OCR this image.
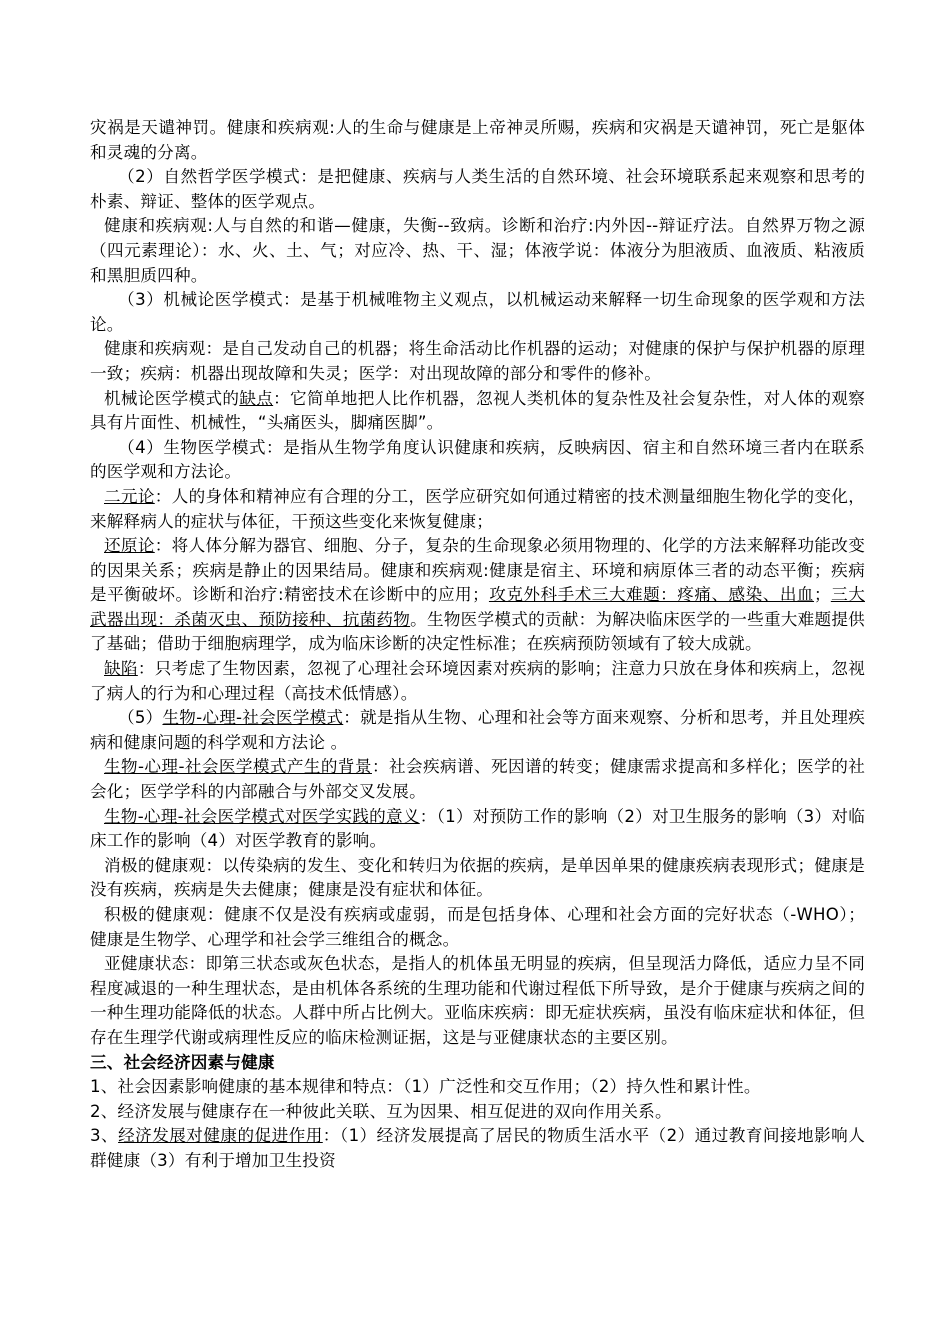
灾祸是天谴神罚。健康和疾病观:人的生命与健康是上帝神灵所赐，疾病和灾祸是天谴神罚，死亡是躯体和灵魂的分离。

（2）自然哲学医学模式：是把健康、疾病与人类生活的自然环境、社会环境联系起来观察和思考的朴素、辩证、整体的医学观点。

健康和疾病观:人与自然的和谐—健康，失衡--致病。诊断和治疗:内外因--辩证疗法。自然界万物之源（四元素理论）：水、火、土、气；对应冷、热、干、湿；体液学说：体液分为胆液质、血液质、粘液质和黑胆质四种。

（3）机械论医学模式：是基于机械唯物主义观点，以机械运动来解释一切生命现象的医学观和方法论。

健康和疾病观：是自己发动自己的机器；将生命活动比作机器的运动；对健康的保护与保护机器的原理一致；疾病：机器出现故障和失灵；医学：对出现故障的部分和零件的修补。

机械论医学模式的缺点：它简单地把人比作机器，忽视人类机体的复杂性及社会复杂性，对人体的观察具有片面性、机械性，“头痛医头，脚痛医脚”。

（4）生物医学模式：是指从生物学角度认识健康和疾病，反映病因、宿主和自然环境三者内在联系的医学观和方法论。

二元论：人的身体和精神应有合理的分工，医学应研究如何通过精密的技术测量细胞生物化学的变化，来解释病人的症状与体征，干预这些变化来恢复健康；

还原论：将人体分解为器官、细胞、分子，复杂的生命现象必须用物理的、化学的方法来解释功能改变的因果关系；疾病是静止的因果结局。健康和疾病观:健康是宿主、环境和病原体三者的动态平衡；疾病是平衡破坏。诊断和治疗:精密技术在诊断中的应用；攻克外科手术三大难题：疼痛、感染、出血；三大武器出现：杀菌灭虫、预防接种、抗菌药物。生物医学模式的贡献：为解决临床医学的一些重大难题提供了基础；借助于细胞病理学，成为临床诊断的决定性标准；在疾病预防领域有了较大成就。

缺陷：只考虑了生物因素，忽视了心理社会环境因素对疾病的影响；注意力只放在身体和疾病上，忽视了病人的行为和心理过程（高技术低情感）。

（5）生物-心理-社会医学模式：就是指从生物、心理和社会等方面来观察、分析和思考，并且处理疾病和健康问题的科学观和方法论 。

生物-心理-社会医学模式产生的背景：社会疾病谱、死因谱的转变；健康需求提高和多样化；医学的社会化；医学学科的内部融合与外部交叉发展。

生物-心理-社会医学模式对医学实践的意义：（1）对预防工作的影响（2）对卫生服务的影响（3）对临床工作的影响（4）对医学教育的影响。

消极的健康观：以传染病的发生、变化和转归为依据的疾病，是单因单果的健康疾病表现形式；健康是没有疾病，疾病是失去健康；健康是没有症状和体征。

积极的健康观：健康不仅是没有疾病或虚弱，而是包括身体、心理和社会方面的完好状态（-WHO）；健康是生物学、心理学和社会学三维组合的概念。

亚健康状态：即第三状态或灰色状态，是指人的机体虽无明显的疾病，但呈现活力降低，适应力呈不同程度减退的一种生理状态，是由机体各系统的生理功能和代谢过程低下所导致，是介于健康与疾病之间的一种生理功能降低的状态。人群中所占比例大。亚临床疾病：即无症状疾病，虽没有临床症状和体征，但存在生理学代谢或病理性反应的临床检测证据，这是与亚健康状态的主要区别。

三、社会经济因素与健康

1、社会因素影响健康的基本规律和特点：（1）广泛性和交互作用；（2）持久性和累计性。

2、经济发展与健康存在一种彼此关联、互为因果、相互促进的双向作用关系。

3、经济发展对健康的促进作用：（1）经济发展提高了居民的物质生活水平（2）通过教育间接地影响人群健康（3）有利于增加卫生投资
